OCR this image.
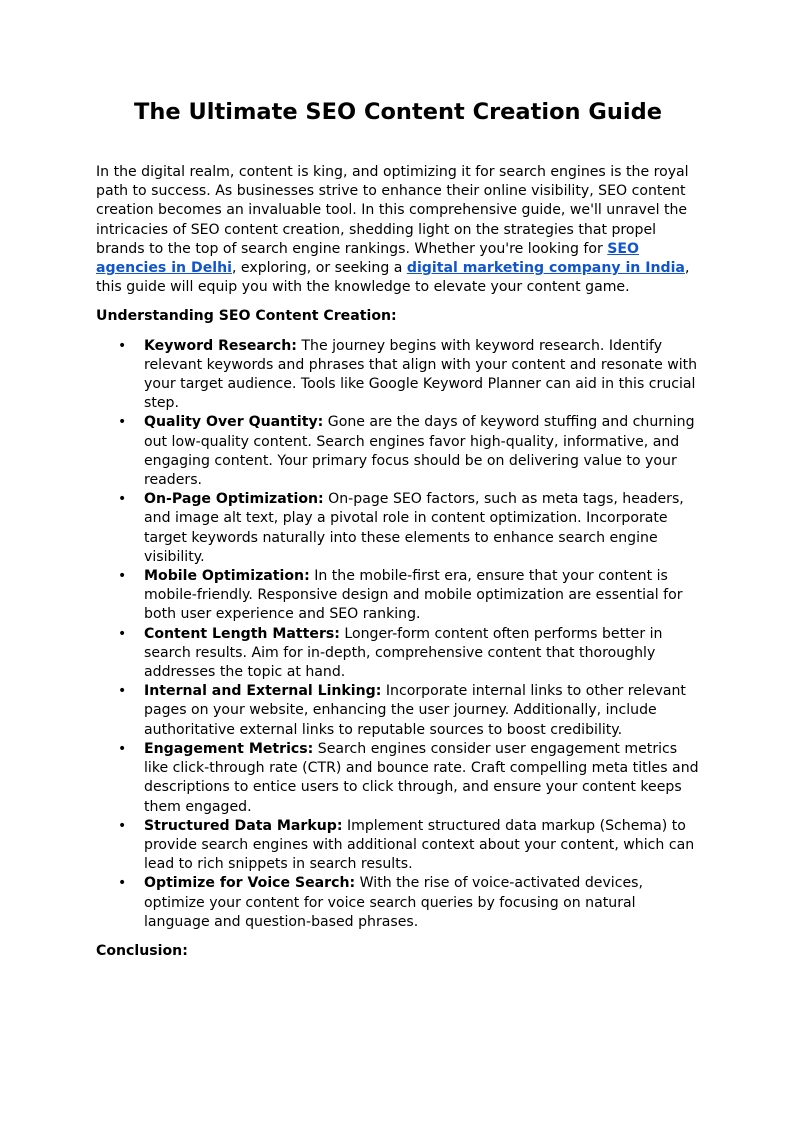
The Ultimate SEO Content Creation Guide

In the digital realm, content is king, and optimizing it for search engines is the royal path to success. As businesses strive to enhance their online visibility, SEO content creation becomes an invaluable tool. In this comprehensive guide, we'll unravel the intricacies of SEO content creation, shedding light on the strategies that propel brands to the top of search engine rankings. Whether you're looking for SEO agencies in Delhi, exploring, or seeking a digital marketing company in India, this guide will equip you with the knowledge to elevate your content game.

Understanding SEO Content Creation:

• Keyword Research: The journey begins with keyword research. Identify relevant keywords and phrases that align with your content and resonate with your target audience. Tools like Google Keyword Planner can aid in this crucial step.
• Quality Over Quantity: Gone are the days of keyword stuffing and churning out low-quality content. Search engines favor high-quality, informative, and engaging content. Your primary focus should be on delivering value to your readers.
• On-Page Optimization: On-page SEO factors, such as meta tags, headers, and image alt text, play a pivotal role in content optimization. Incorporate target keywords naturally into these elements to enhance search engine visibility.
• Mobile Optimization: In the mobile-first era, ensure that your content is mobile-friendly. Responsive design and mobile optimization are essential for both user experience and SEO ranking.
• Content Length Matters: Longer-form content often performs better in search results. Aim for in-depth, comprehensive content that thoroughly addresses the topic at hand.
• Internal and External Linking: Incorporate internal links to other relevant pages on your website, enhancing the user journey. Additionally, include authoritative external links to reputable sources to boost credibility.
• Engagement Metrics: Search engines consider user engagement metrics like click-through rate (CTR) and bounce rate. Craft compelling meta titles and descriptions to entice users to click through, and ensure your content keeps them engaged.
• Structured Data Markup: Implement structured data markup (Schema) to provide search engines with additional context about your content, which can lead to rich snippets in search results.
• Optimize for Voice Search: With the rise of voice-activated devices, optimize your content for voice search queries by focusing on natural language and question-based phrases.

Conclusion:
